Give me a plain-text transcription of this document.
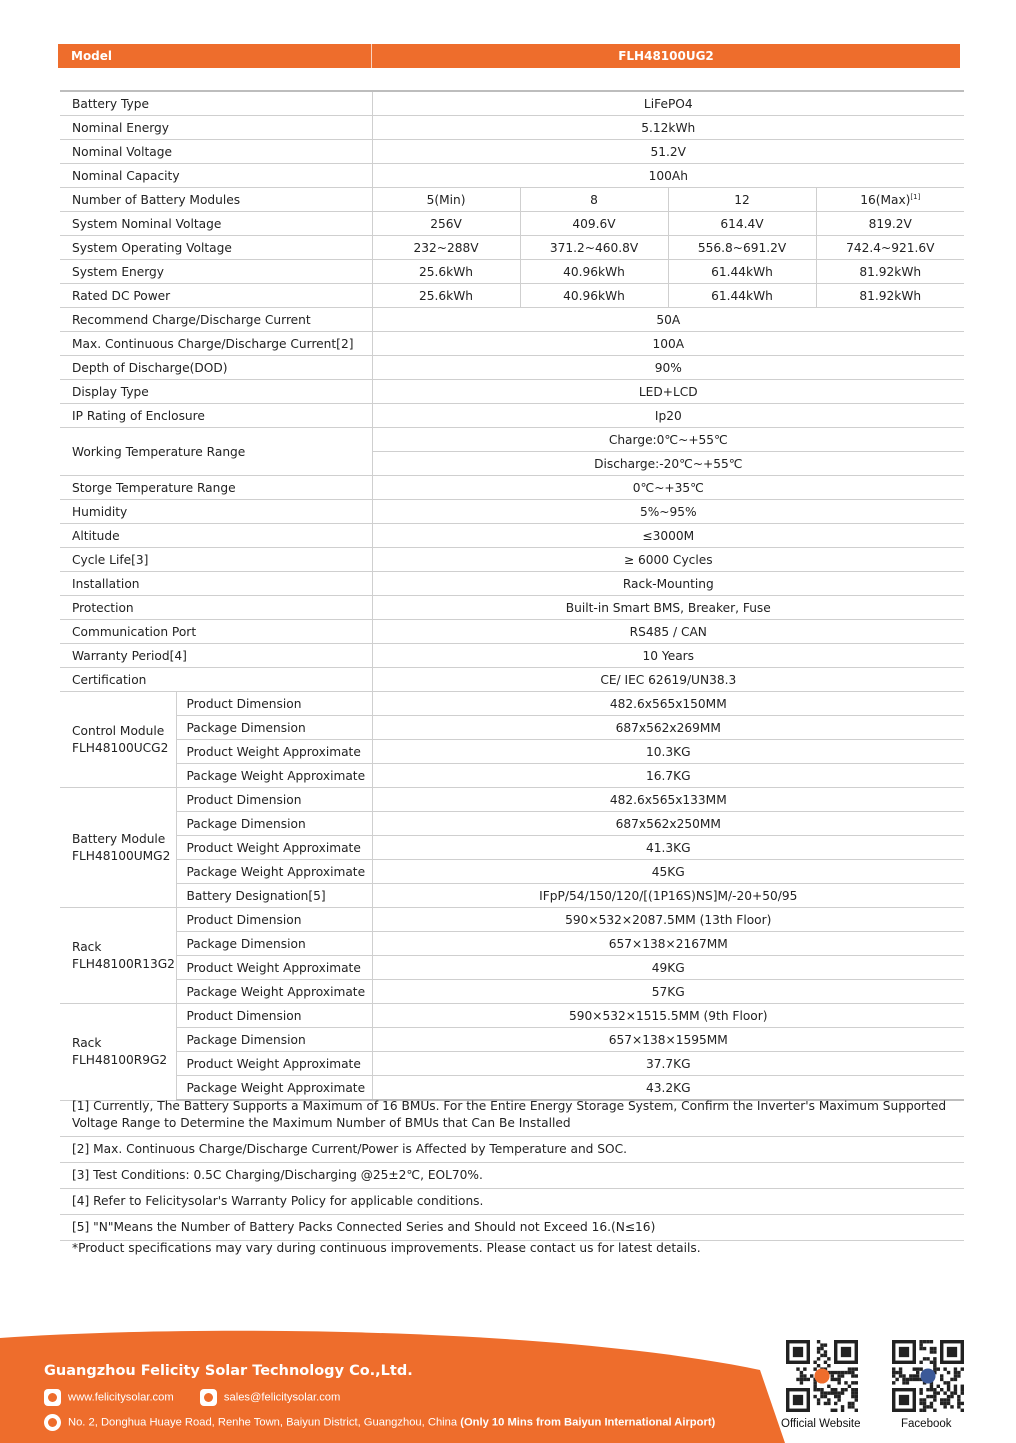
Model	FLH48100UG2
Battery Type		LiFePO4			
Nominal Energy		5.12kWh			
Nominal Voltage		51.2V			
Nominal Capacity		100Ah			
Number of Battery Modules		5(Min)	8	12	16(Max)[1]
System Nominal Voltage		256V	409.6V	614.4V	819.2V
System Operating Voltage		232~288V	371.2~460.8V	556.8~691.2V	742.4~921.6V
System Energy		25.6kWh	40.96kWh	61.44kWh	81.92kWh
Rated DC Power		25.6kWh	40.96kWh	61.44kWh	81.92kWh
Recommend Charge/Discharge Current		50A			
Max. Continuous Charge/Discharge Current[2]		100A			
Depth of Discharge(DOD)		90%			
Display Type		LED+LCD			
IP Rating of Enclosure		Ip20			
Working Temperature Range		Charge:0℃~+55℃			
		Discharge:-20℃~+55℃			
Storge Temperature Range		0℃~+35℃			
Humidity		5%~95%			
Altitude		≤3000M			
Cycle Life[3]		≥ 6000 Cycles			
Installation		Rack-Mounting			
Protection		Built-in Smart BMS, Breaker, Fuse			
Communication Port		RS485 / CAN			
Warranty Period[4]		10 Years			
Certification		CE/ IEC 62619/UN38.3			

Control Module
FLH48100UCG2	Product Dimension	482.6x565x150MM			
	Package Dimension	687x562x269MM			
	Product Weight Approximate	10.3KG			
	Package Weight Approximate	16.7KG			

Battery Module
FLH48100UMG2	Product Dimension	482.6x565x133MM			
	Package Dimension	687x562x250MM			
	Product Weight Approximate	41.3KG			
	Package Weight Approximate	45KG			
	Battery Designation[5]	IFpP/54/150/120/[(1P16S)NS]M/-20+50/95			

Rack
FLH48100R13G2	Product Dimension	590×532×2087.5MM (13th Floor)			
	Package Dimension	657×138×2167MM			
	Product Weight Approximate	49KG			
	Package Weight Approximate	57KG			

Rack
FLH48100R9G2	Product Dimension	590×532×1515.5MM (9th Floor)			
	Package Dimension	657×138×1595MM			
	Product Weight Approximate	37.7KG			
	Package Weight Approximate	43.2KG			
[1] Currently, The Battery Supports a Maximum of 16 BMUs. For the Entire Energy Storage System, Confirm the Inverter's Maximum Supported Voltage Range to Determine the Maximum Number of BMUs that Can Be Installed
[2] Max. Continuous Charge/Discharge Current/Power is Affected by Temperature and SOC.
[3] Test Conditions: 0.5C Charging/Discharging @25±2℃, EOL70%.
[4] Refer to Felicitysolar's Warranty Policy for applicable conditions.
[5] "N"Means the Number of Battery Packs Connected Series and Should not Exceed 16.(N≤16)
*Product specifications may vary during continuous improvements. Please contact us for latest details.
Guangzhou Felicity Solar Technology Co.,Ltd.
www.felicitysolar.com	sales@felicitysolar.com
No. 2, Donghua Huaye Road, Renhe Town, Baiyun District, Guangzhou, China (Only 10 Mins from Baiyun International Airport)	Official Website	Facebook
